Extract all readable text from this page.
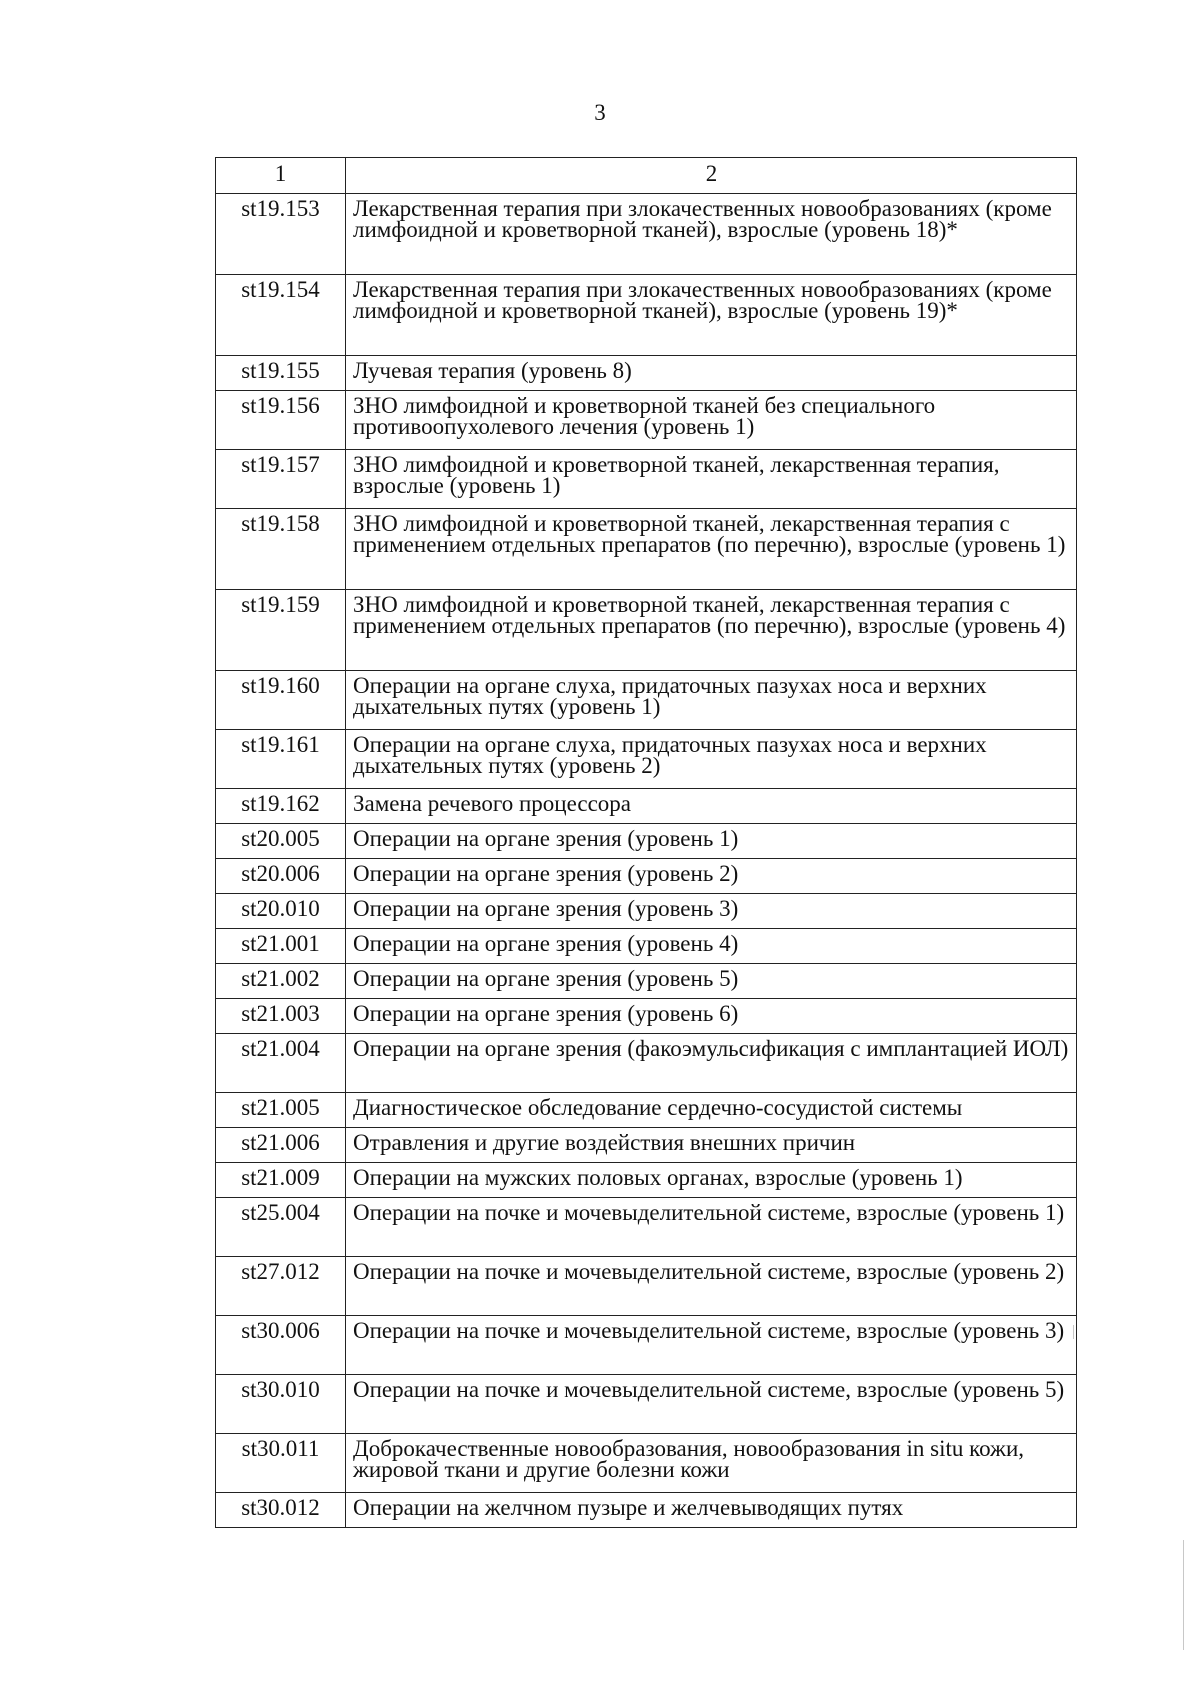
3
1	2
st19.153	Лекарственная терапия при злокачественных новообразованиях (кроме лимфоидной и кроветворной тканей), взрослые (уровень 18)*
st19.154	Лекарственная терапия при злокачественных новообразованиях (кроме лимфоидной и кроветворной тканей), взрослые (уровень 19)*
st19.155	Лучевая терапия (уровень 8)
st19.156	ЗНО лимфоидной и кроветворной тканей без специального противоопухолевого лечения (уровень 1)
st19.157	ЗНО лимфоидной и кроветворной тканей, лекарственная терапия, взрослые (уровень 1)
st19.158	ЗНО лимфоидной и кроветворной тканей, лекарственная терапия с применением отдельных препаратов (по перечню), взрослые (уровень 1)
st19.159	ЗНО лимфоидной и кроветворной тканей, лекарственная терапия с применением отдельных препаратов (по перечню), взрослые (уровень 4)
st19.160	Операции на органе слуха, придаточных пазухах носа и верхних дыхательных путях (уровень 1)
st19.161	Операции на органе слуха, придаточных пазухах носа и верхних дыхательных путях (уровень 2)
st19.162	Замена речевого процессора
st20.005	Операции на органе зрения (уровень 1)
st20.006	Операции на органе зрения (уровень 2)
st20.010	Операции на органе зрения (уровень 3)
st21.001	Операции на органе зрения (уровень 4)
st21.002	Операции на органе зрения (уровень 5)
st21.003	Операции на органе зрения (уровень 6)
st21.004	Операции на органе зрения (факоэмульсификация с имплантацией ИОЛ)
st21.005	Диагностическое обследование сердечно-сосудистой системы
st21.006	Отравления и другие воздействия внешних причин
st21.009	Операции на мужских половых органах, взрослые (уровень 1)
st25.004	Операции на почке и мочевыделительной системе, взрослые (уровень 1)
st27.012	Операции на почке и мочевыделительной системе, взрослые (уровень 2)
st30.006	Операции на почке и мочевыделительной системе, взрослые (уровень 3)
st30.010	Операции на почке и мочевыделительной системе, взрослые (уровень 5)
st30.011	Доброкачественные новообразования, новообразования in situ кожи, жировой ткани и другие болезни кожи
st30.012	Операции на желчном пузыре и желчевыводящих путях
